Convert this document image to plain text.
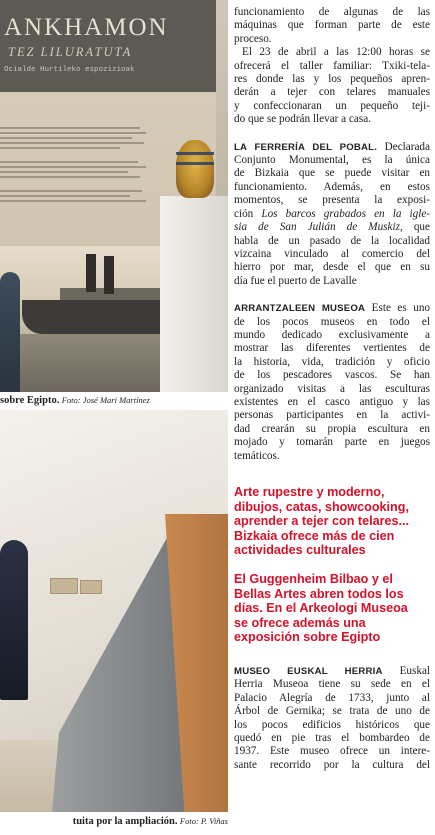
ANKHAMON
TEZ LILURATUTA
Ocialde Hurtileko espozizioak
sobre Egipto. Foto: José Mari Martínez
tuita por la ampliación. Foto: P. Viñas
funcionamiento de algunas de las
máquinas que forman parte de este
proceso.
El 23 de abril a las 12:00 horas se
ofrecerá el taller familiar: Txiki-tela-
res donde las y los pequeños apren-
derán a tejer con telares manuales
y confeccionaran un pequeño teji-
do que se podrán llevar a casa.
LA FERRERÍA DEL POBAL. Declarada
Conjunto Monumental, es la única
de Bizkaia que se puede visitar en
funcionamiento. Además, en estos
momentos, se presenta la exposi-
ción Los barcos grabados en la igle-
sia de San Julián de Muskiz, que
habla de un pasado de la localidad
vizcaina vinculado al comercio del
hierro por mar, desde el que en su
día fue el puerto de Lavalle
ARRANTZALEEN MUSEOA Este es uno
de los pocos museos en todo el
mundo dedicado exclusivamente a
mostrar las diferentes vertientes de
la historia, vida, tradición y oficio
de los pescadores vascos. Se han
organizado visitas a las esculturas
existentes en el casco antiguo y las
personas participantes en la activi-
dad crearán su propia escultura en
mojado y tomarán parte en juegos
temáticos.
Arte rupestre y moderno,
dibujos, catas, showcooking,
aprender a tejer con telares...
Bizkaia ofrece más de cien
actividades culturales
El Guggenheim Bilbao y el
Bellas Artes abren todos los
días. En el Arkeologi Museoa
se ofrece además una
exposición sobre Egipto
MUSEO EUSKAL HERRIA Euskal
Herria Museoa tiene su sede en el
Palacio Alegría de 1733, junto al
Árbol de Gernika; se trata de uno de
los pocos edificios históricos que
quedó en pie tras el bombardeo de
1937. Este museo ofrece un intere-
sante recorrido por la cultura del
